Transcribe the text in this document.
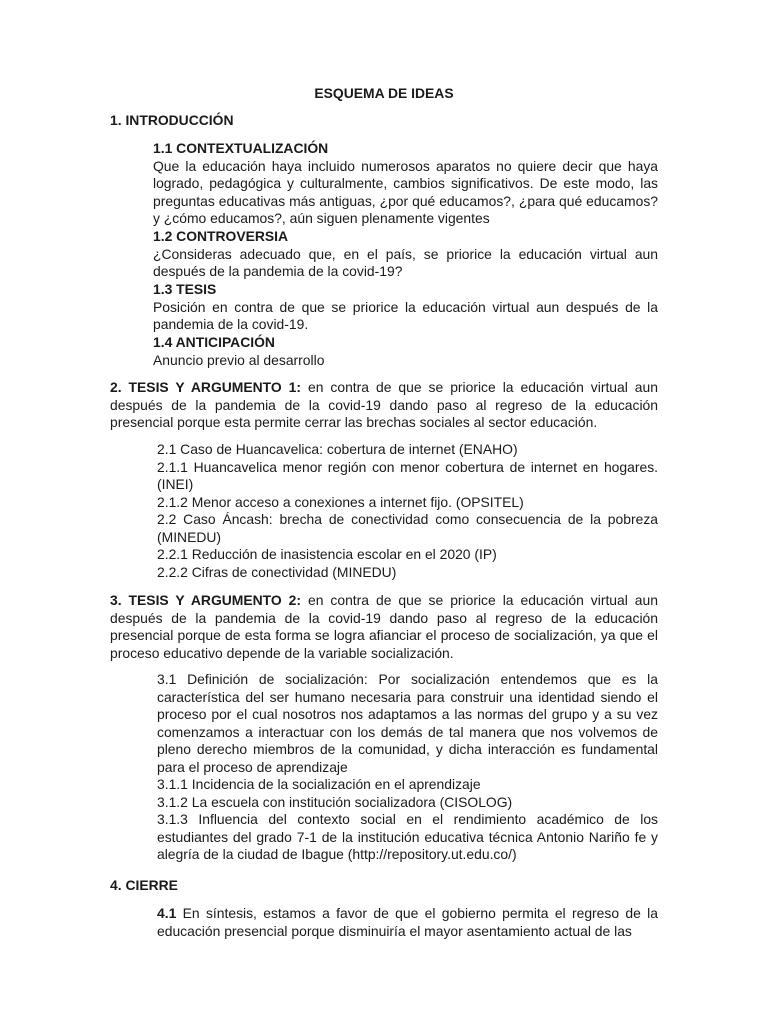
ESQUEMA DE IDEAS
1. INTRODUCCIÓN
1.1 CONTEXTUALIZACIÓN
Que la educación haya incluido numerosos aparatos no quiere decir que haya logrado, pedagógica y culturalmente, cambios significativos. De este modo, las preguntas educativas más antiguas, ¿por qué educamos?, ¿para qué educamos? y ¿cómo educamos?, aún siguen plenamente vigentes
1.2 CONTROVERSIA
¿Consideras adecuado que, en el país, se priorice la educación virtual aun después de la pandemia de la covid-19?
1.3 TESIS
Posición en contra de que se priorice la educación virtual aun después de la pandemia de la covid-19.
1.4 ANTICIPACIÓN
Anuncio previo al desarrollo
2. TESIS Y ARGUMENTO 1: en contra de que se priorice la educación virtual aun después de la pandemia de la covid-19 dando paso al regreso de la educación presencial porque esta permite cerrar las brechas sociales al sector educación.
2.1 Caso de Huancavelica: cobertura de internet (ENAHO)
2.1.1 Huancavelica menor región con menor cobertura de internet en hogares. (INEI)
2.1.2 Menor acceso a conexiones a internet fijo. (OPSITEL)
2.2 Caso Áncash: brecha de conectividad como consecuencia de la pobreza (MINEDU)
2.2.1 Reducción de inasistencia escolar en el 2020 (IP)
2.2.2 Cifras de conectividad (MINEDU)
3. TESIS Y ARGUMENTO 2: en contra de que se priorice la educación virtual aun después de la pandemia de la covid-19 dando paso al regreso de la educación presencial porque de esta forma se logra afianciar el proceso de socialización, ya que el proceso educativo depende de la variable socialización.
3.1 Definición de socialización: Por socialización entendemos que es la característica del ser humano necesaria para construir una identidad siendo el proceso por el cual nosotros nos adaptamos a las normas del grupo y a su vez comenzamos a interactuar con los demás de tal manera que nos volvemos de pleno derecho miembros de la comunidad, y dicha interacción es fundamental para el proceso de aprendizaje
3.1.1 Incidencia de la socialización en el aprendizaje
3.1.2 La escuela con institución socializadora (CISOLOG)
3.1.3 Influencia del contexto social en el rendimiento académico de los estudiantes del grado 7-1 de la institución educativa técnica Antonio Nariño fe y alegría de la ciudad de Ibague (http://repository.ut.edu.co/)
4. CIERRE
4.1 En síntesis, estamos a favor de que el gobierno permita el regreso de la educación presencial porque disminuiría el mayor asentamiento actual de las
